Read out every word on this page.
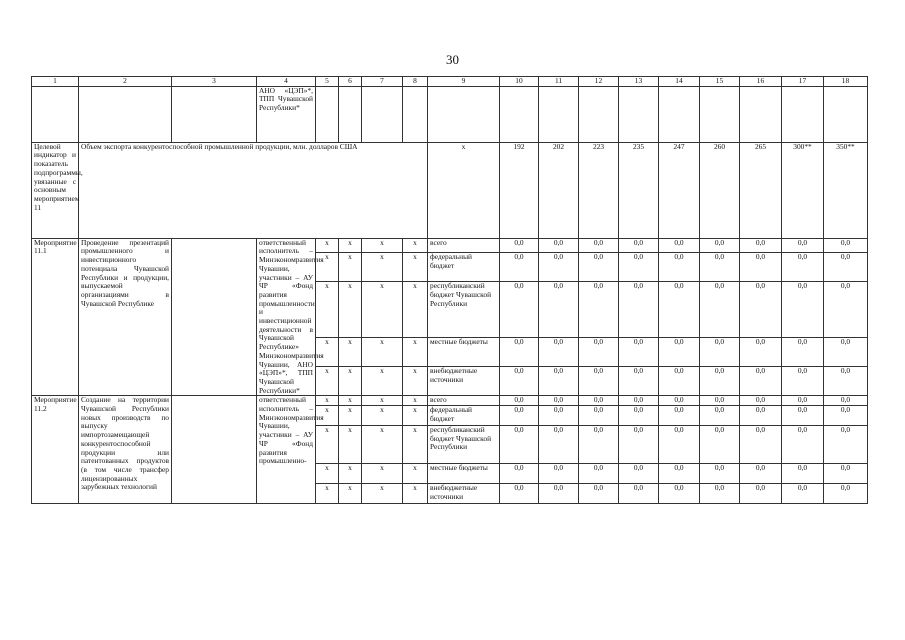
30
1	2	3	4	5	6	7	8	9	10	11	12	13	14	15	16	17	18
			АНО «ЦЭП»*, ТПП Чувашской Республики*														
Целевой индикатор и показатель подпрограммы, увязанные с основным мероприятием 11	Объем экспорта конкурентоспособной промышленной продукции, млн. долларов США							x	192	202	223	235	247	260	265	300**	350**
Мероприятие 11.1	Проведение презентаций промышленного и инвестиционного потенциала Чувашской Республики и продукции, выпускаемой организациями в Чувашской Республике		ответственный исполнитель – Минэкономразвития Чувашии, участники – АУ ЧР «Фонд развития промышленности и инвестиционной деятельности в Чувашской Республике» Минэкономразвития Чувашии, АНО «ЦЭП»*, ТПП Чувашской Республики*	x	x	x	x	всего	0,0	0,0	0,0	0,0	0,0	0,0	0,0	0,0	0,0
				x	x	x	x	федеральный бюджет	0,0	0,0	0,0	0,0	0,0	0,0	0,0	0,0	0,0
				x	x	x	x	республиканский бюджет Чувашской Республики	0,0	0,0	0,0	0,0	0,0	0,0	0,0	0,0	0,0
				x	x	x	x	местные бюджеты	0,0	0,0	0,0	0,0	0,0	0,0	0,0	0,0	0,0
				x	x	x	x	внебюджетные источники	0,0	0,0	0,0	0,0	0,0	0,0	0,0	0,0	0,0
Мероприятие 11.2	Создание на территории Чувашской Республики новых производств по выпуску импортозамещающей конкурентоспособной продукции или патентованных продуктов (в том числе трансфер лицензированных зарубежных технологий		ответственный исполнитель – Минэкономразвития Чувашии, участники – АУ ЧР «Фонд развития промышленно-	x	x	x	x	всего	0,0	0,0	0,0	0,0	0,0	0,0	0,0	0,0	0,0
				x	x	x	x	федеральный бюджет	0,0	0,0	0,0	0,0	0,0	0,0	0,0	0,0	0,0
				x	x	x	x	республиканский бюджет Чувашской Республики	0,0	0,0	0,0	0,0	0,0	0,0	0,0	0,0	0,0
				x	x	x	x	местные бюджеты	0,0	0,0	0,0	0,0	0,0	0,0	0,0	0,0	0,0
				x	x	x	x	внебюджетные источники	0,0	0,0	0,0	0,0	0,0	0,0	0,0	0,0	0,0
